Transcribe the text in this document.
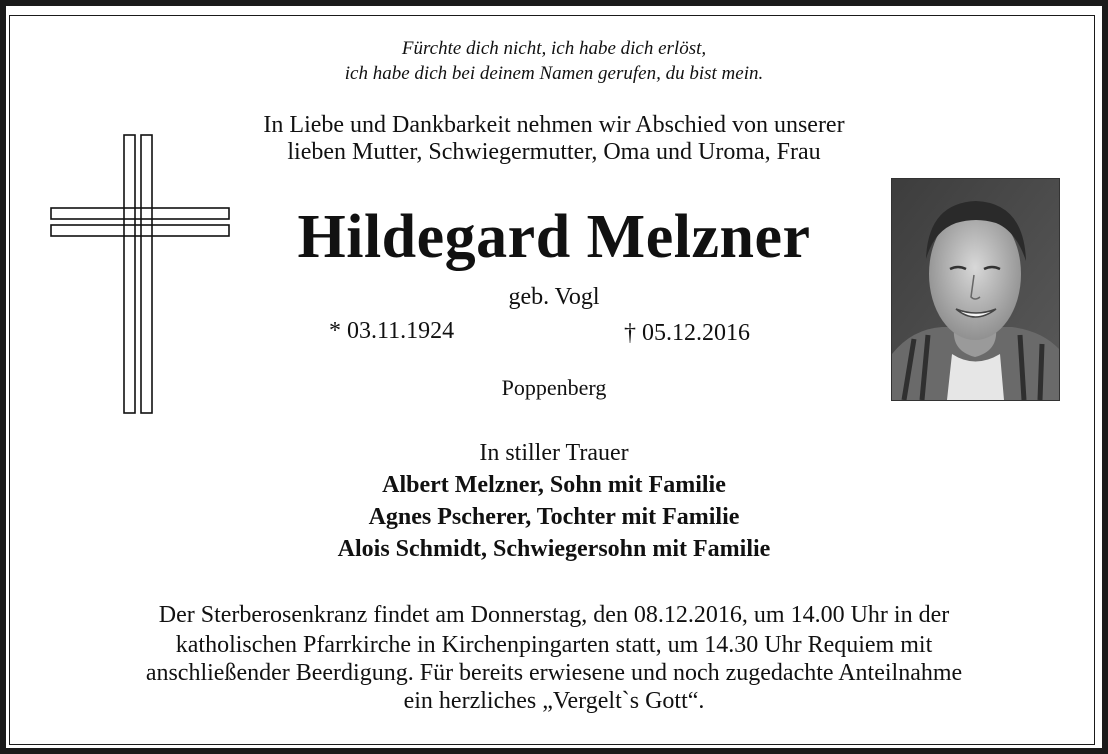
Fürchte dich nicht, ich habe dich erlöst,
ich habe dich bei deinem Namen gerufen, du bist mein.
In Liebe und Dankbarkeit nehmen wir Abschied von unserer
lieben Mutter, Schwiegermutter, Oma und Uroma, Frau
Hildegard Melzner
geb. Vogl
* 03.11.1924	† 05.12.2016
Poppenberg
In stiller Trauer
Albert Melzner, Sohn mit Familie
Agnes Pscherer, Tochter mit Familie
Alois Schmidt, Schwiegersohn mit Familie
Der Sterberosenkranz findet am Donnerstag, den 08.12.2016, um 14.00 Uhr in der
katholischen Pfarrkirche in Kirchenpingarten statt, um 14.30 Uhr Requiem mit
anschließender Beerdigung. Für bereits erwiesene und noch zugedachte Anteilnahme
ein herzliches „Vergelt`s Gott“.
